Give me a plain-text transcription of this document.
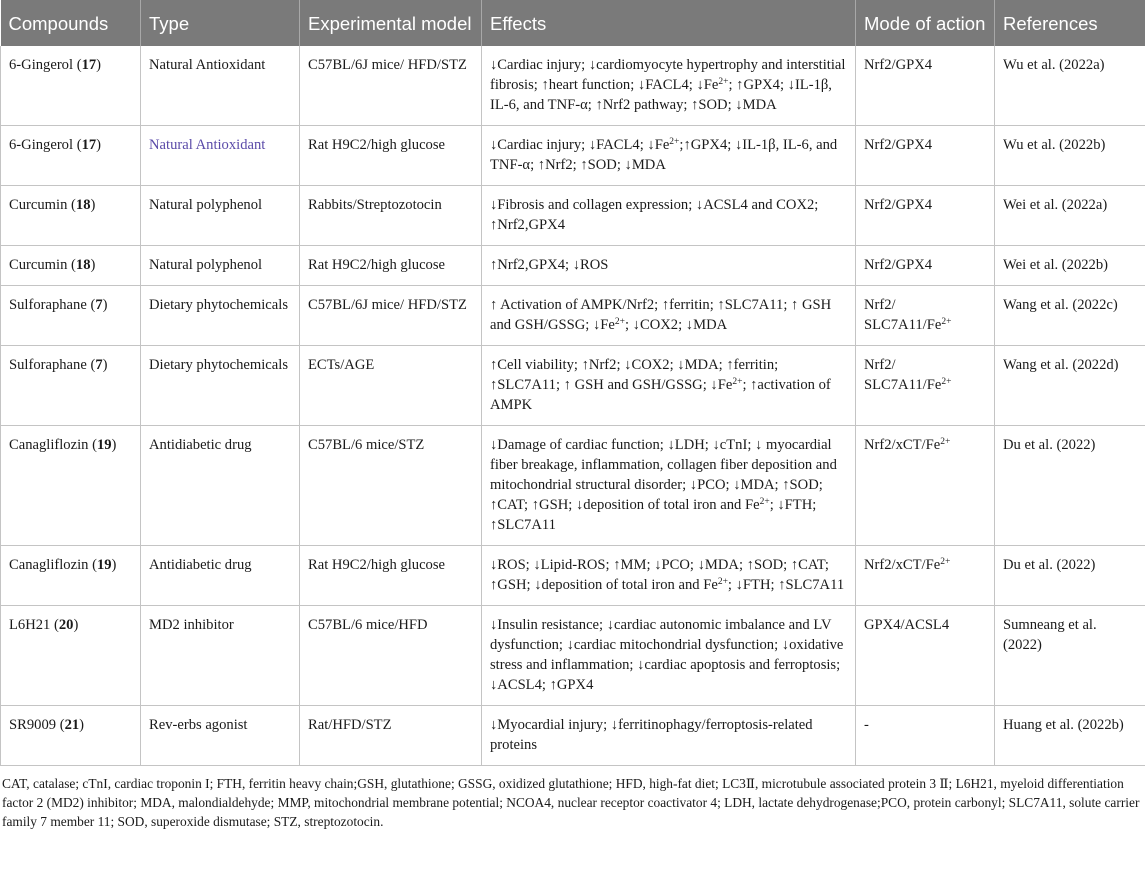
Compounds	Type	Experimental model	Effects	Mode of action	References
6-Gingerol (17)	Natural Antioxidant	C57BL/6J mice/ HFD/STZ	↓Cardiac injury; ↓cardiomyocyte hypertrophy and interstitial fibrosis; ↑heart function; ↓FACL4; $↓Fe^{2+}$; ↑GPX4; ↓IL-1β, IL-6, and TNF-α; ↑Nrf2 pathway; ↑SOD; ↓MDA	Nrf2/GPX4	Wu et al. (2022a)
6-Gingerol (17)	Natural Antioxidant	Rat H9C2/high glucose	↓Cardiac injury; ↓FACL4; $↓Fe^{2+};↑GPX4$; ↓IL-1β, IL-6, and TNF-α; ↑Nrf2; ↑SOD; ↓MDA	Nrf2/GPX4	Wu et al. (2022b)
Curcumin (18)	Natural polyphenol	Rabbits/Streptozotocin	↓Fibrosis and collagen expression; ↓ACSL4 and COX2; ↑Nrf2,GPX4	Nrf2/GPX4	Wei et al. (2022a)
Curcumin (18)	Natural polyphenol	Rat H9C2/high glucose	↑Nrf2,GPX4; ↓ROS	Nrf2/GPX4	Wei et al. (2022b)
Sulforaphane (7)	Dietary phytochemicals	C57BL/6J mice/ HFD/STZ	↑ Activation of AMPK/Nrf2; ↑ferritin; ↑SLC7A11; ↑ GSH and GSH/GSSG; $↓Fe^{2+}$; ↓COX2; ↓MDA	Nrf2/ $SLC7A11/Fe^{2+}$	Wang et al. (2022c)
Sulforaphane (7)	Dietary phytochemicals	ECTs/AGE	↑Cell viability; ↑Nrf2; ↓COX2; ↓MDA; ↑ferritin; ↑SLC7A11; ↑ GSH and GSH/GSSG; $↓Fe^{2+}$; ↑activation of AMPK	Nrf2/ $SLC7A11/Fe^{2+}$	Wang et al. (2022d)
Canagliflozin (19)	Antidiabetic drug	C57BL/6 mice/STZ	↓Damage of cardiac function; ↓LDH; ↓cTnI; ↓ myocardial fiber breakage, inflammation, collagen fiber deposition and mitochondrial structural disorder; ↓PCO; ↓MDA; ↑SOD; ↑CAT; ↑GSH; ↓deposition of total iron and $Fe^{2+}$; ↓FTH; ↑SLC7A11	$Nrf2/xCT/Fe^{2+}$	Du et al. (2022)
Canagliflozin (19)	Antidiabetic drug	Rat H9C2/high glucose	↓ROS; ↓Lipid-ROS; ↑MM; ↓PCO; ↓MDA; ↑SOD; ↑CAT; ↑GSH; ↓deposition of total iron and $Fe^{2+}$; ↓FTH; ↑SLC7A11	$Nrf2/xCT/Fe^{2+}$	Du et al. (2022)
L6H21 (20)	MD2 inhibitor	C57BL/6 mice/HFD	↓Insulin resistance; ↓cardiac autonomic imbalance and LV dysfunction; ↓cardiac mitochondrial dysfunction; ↓oxidative stress and inflammation; ↓cardiac apoptosis and ferroptosis; ↓ACSL4; ↑GPX4	GPX4/ACSL4	Sumneang et al. (2022)
SR9009 (21)	Rev-erbs agonist	Rat/HFD/STZ	↓Myocardial injury; ↓ferritinophagy/ferroptosis-related proteins	-	Huang et al. (2022b)
CAT, catalase; cTnI, cardiac troponin I; FTH, ferritin heavy chain;GSH, glutathione; GSSG, oxidized glutathione; HFD, high-fat diet; LC3Ⅱ, microtubule associated protein 3 Ⅱ; L6H21, myeloid differentiation factor 2 (MD2) inhibitor; MDA, malondialdehyde; MMP, mitochondrial membrane potential; NCOA4, nuclear receptor coactivator 4; LDH, lactate dehydrogenase;PCO, protein carbonyl; SLC7A11, solute carrier family 7 member 11; SOD, superoxide dismutase; STZ, streptozotocin.
